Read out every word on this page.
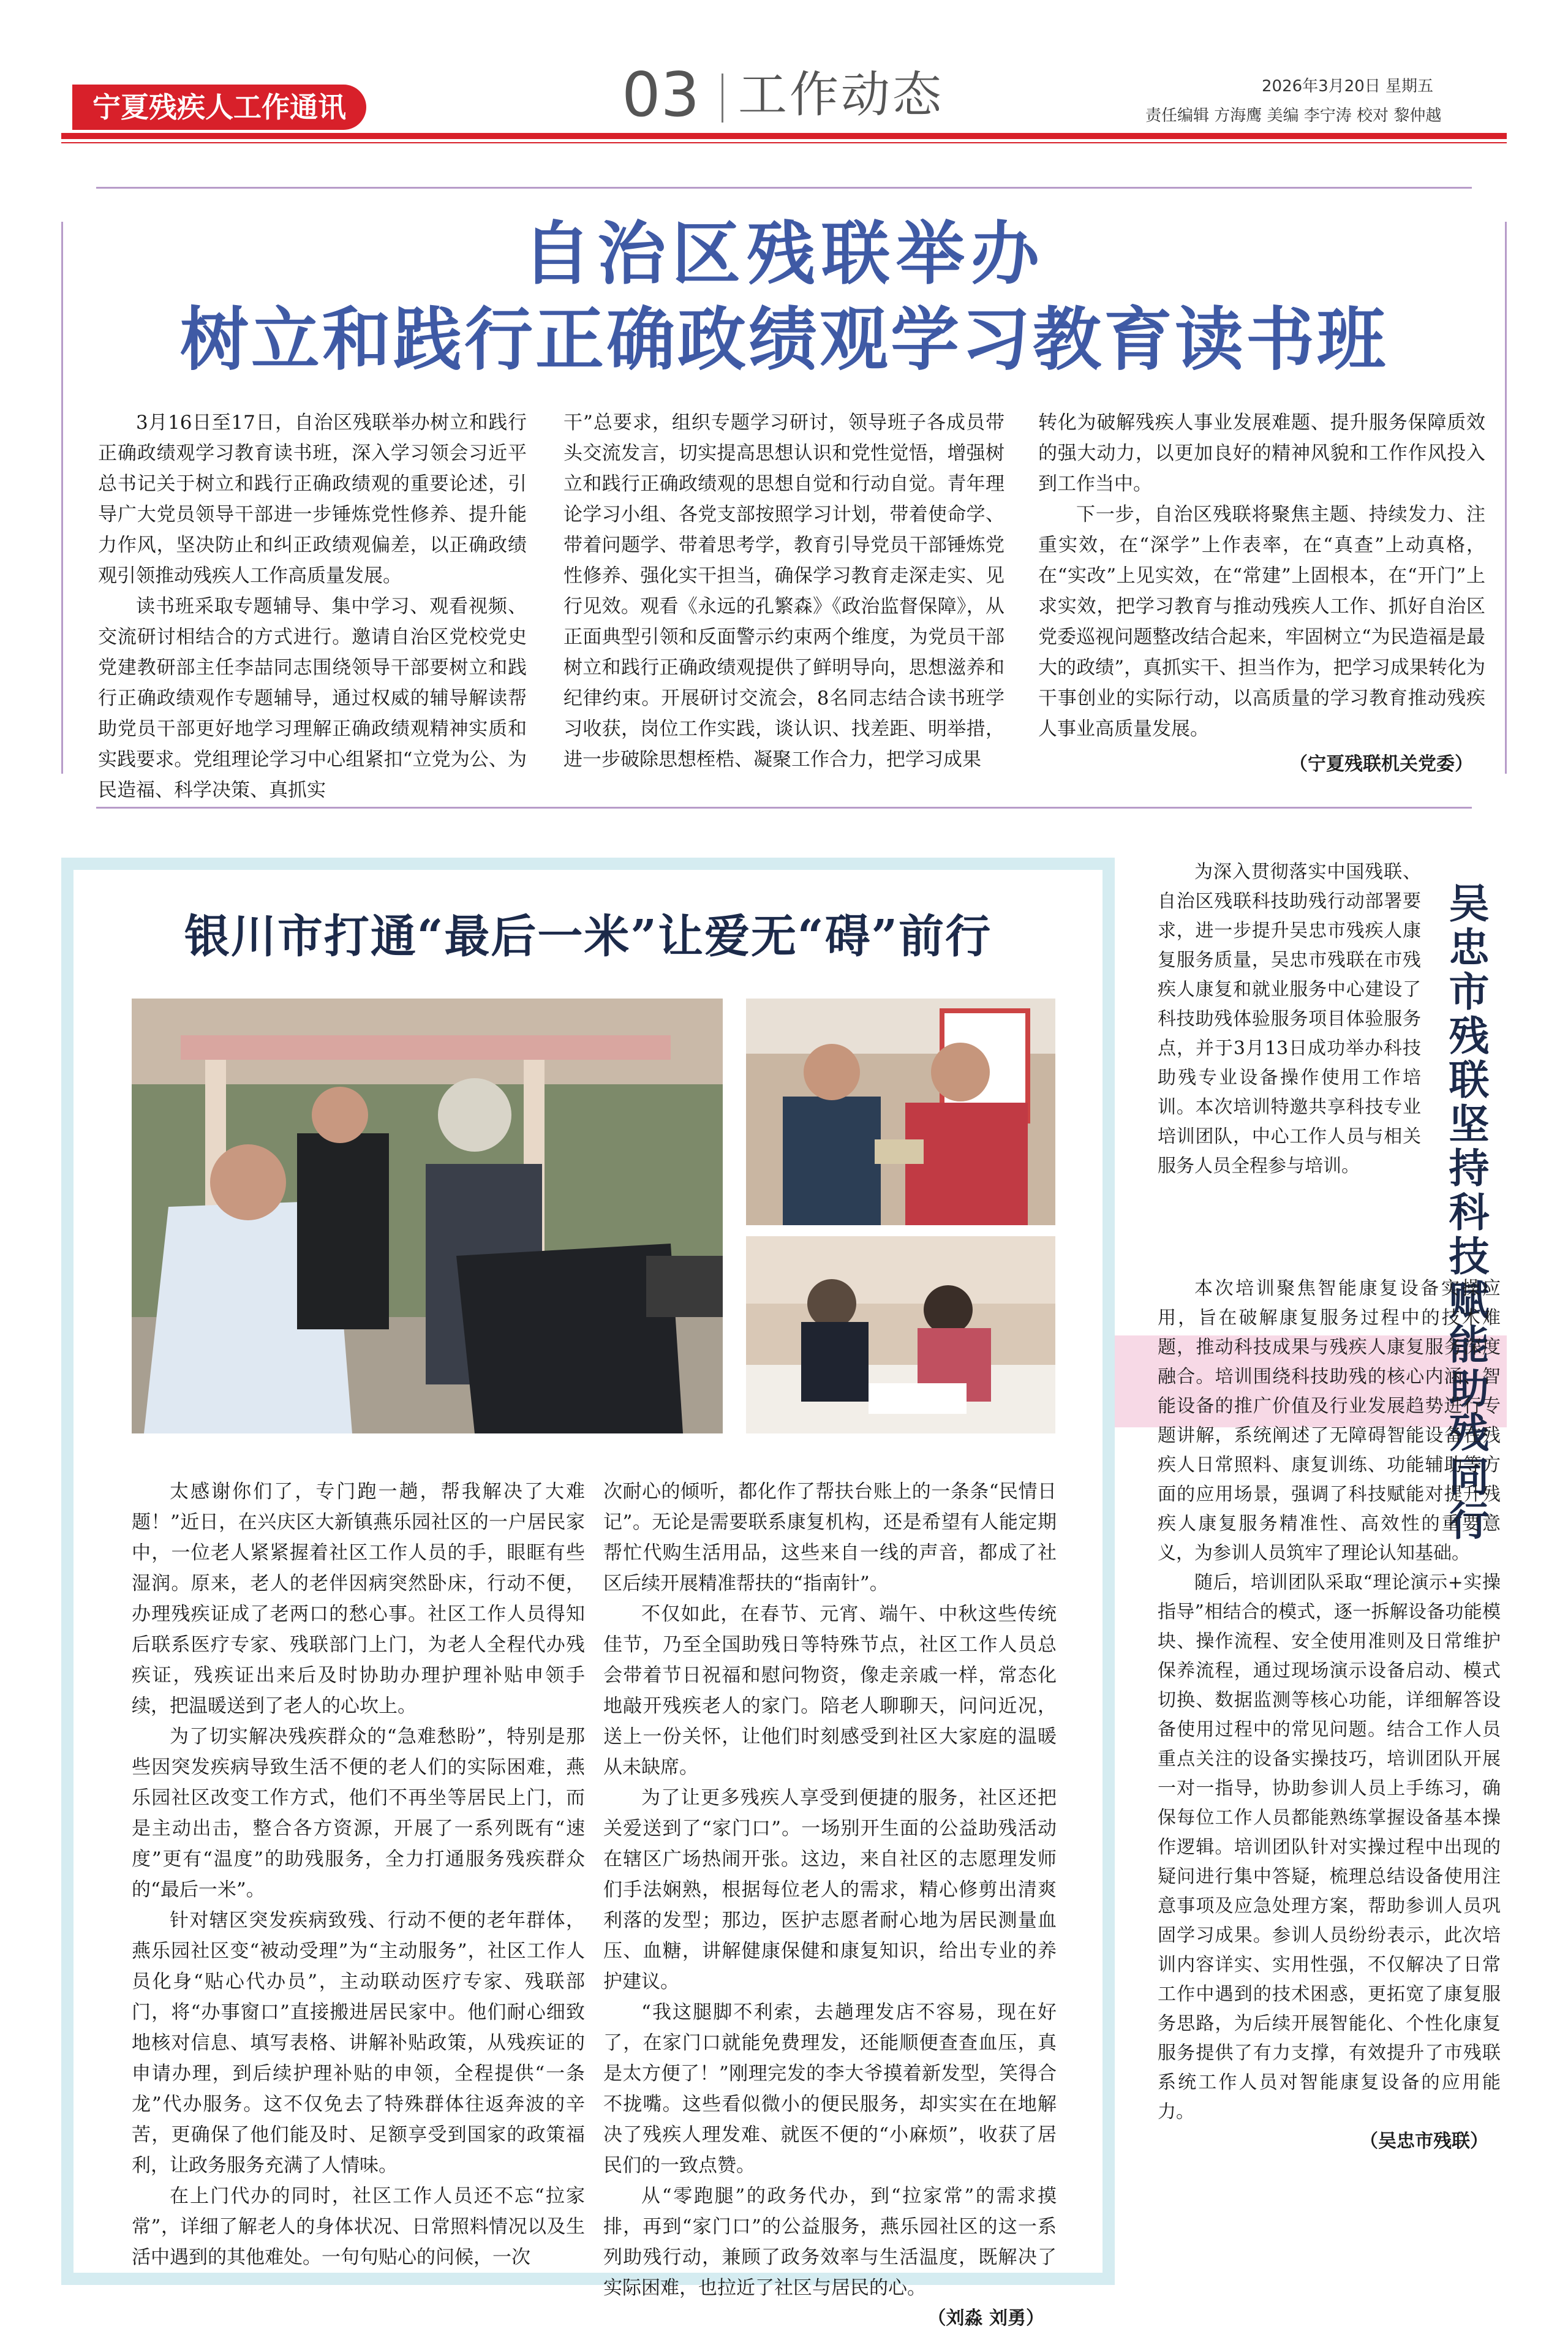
宁夏残疾人工作通讯	03 工作动态	2026年3月20日 星期五
责任编辑 方海鹰 美编 李宁涛 校对 黎仲越
自治区残联举办
树立和践行正确政绩观学习教育读书班

3月16日至17日，自治区残联举办树立和践行正确政绩观学习教育读书班，深入学习领会习近平总书记关于树立和践行正确政绩观的重要论述，引导广大党员领导干部进一步锤炼党性修养、提升能力作风，坚决防止和纠正政绩观偏差，以正确政绩观引领推动残疾人工作高质量发展。

读书班采取专题辅导、集中学习、观看视频、交流研讨相结合的方式进行。邀请自治区党校党史党建教研部主任李喆同志围绕领导干部要树立和践行正确政绩观作专题辅导，通过权威的辅导解读帮助党员干部更好地学习理解正确政绩观精神实质和实践要求。党组理论学习中心组紧扣“立党为公、为民造福、科学决策、真抓实

干”总要求，组织专题学习研讨，领导班子各成员带头交流发言，切实提高思想认识和党性觉悟，增强树立和践行正确政绩观的思想自觉和行动自觉。青年理论学习小组、各党支部按照学习计划，带着使命学、带着问题学、带着思考学，教育引导党员干部锤炼党性修养、强化实干担当，确保学习教育走深走实、见行见效。观看《永远的孔繁森》《政治监督保障》，从正面典型引领和反面警示约束两个维度，为党员干部树立和践行正确政绩观提供了鲜明导向，思想滋养和纪律约束。开展研讨交流会，8名同志结合读书班学习收获，岗位工作实践，谈认识、找差距、明举措，进一步破除思想桎梏、凝聚工作合力，把学习成果

转化为破解残疾人事业发展难题、提升服务保障质效的强大动力，以更加良好的精神风貌和工作作风投入到工作当中。

下一步，自治区残联将聚焦主题、持续发力、注重实效，在“深学”上作表率，在“真查”上动真格，在“实改”上见实效，在“常建”上固根本，在“开门”上求实效，把学习教育与推动残疾人工作、抓好自治区党委巡视问题整改结合起来，牢固树立“为民造福是最大的政绩”，真抓实干、担当作为，把学习成果转化为干事创业的实际行动，以高质量的学习教育推动残疾人事业高质量发展。

（宁夏残联机关党委）

银川市打通“最后一米”让爱无“碍”前行

太感谢你们了，专门跑一趟，帮我解决了大难题！”近日，在兴庆区大新镇燕乐园社区的一户居民家中，一位老人紧紧握着社区工作人员的手，眼眶有些湿润。原来，老人的老伴因病突然卧床，行动不便，办理残疾证成了老两口的愁心事。社区工作人员得知后联系医疗专家、残联部门上门，为老人全程代办残疾证，残疾证出来后及时协助办理护理补贴申领手续，把温暖送到了老人的心坎上。

为了切实解决残疾群众的“急难愁盼”，特别是那些因突发疾病导致生活不便的老人们的实际困难，燕乐园社区改变工作方式，他们不再坐等居民上门，而是主动出击，整合各方资源，开展了一系列既有“速度”更有“温度”的助残服务，全力打通服务残疾群众的“最后一米”。

针对辖区突发疾病致残、行动不便的老年群体，燕乐园社区变“被动受理”为“主动服务”，社区工作人员化身“贴心代办员”，主动联动医疗专家、残联部门，将“办事窗口”直接搬进居民家中。他们耐心细致地核对信息、填写表格、讲解补贴政策，从残疾证的申请办理，到后续护理补贴的申领，全程提供“一条龙”代办服务。这不仅免去了特殊群体往返奔波的辛苦，更确保了他们能及时、足额享受到国家的政策福利，让政务服务充满了人情味。

在上门代办的同时，社区工作人员还不忘“拉家常”，详细了解老人的身体状况、日常照料情况以及生活中遇到的其他难处。一句句贴心的问候，一次

次耐心的倾听，都化作了帮扶台账上的一条条“民情日记”。无论是需要联系康复机构，还是希望有人能定期帮忙代购生活用品，这些来自一线的声音，都成了社区后续开展精准帮扶的“指南针”。

不仅如此，在春节、元宵、端午、中秋这些传统佳节，乃至全国助残日等特殊节点，社区工作人员总会带着节日祝福和慰问物资，像走亲戚一样，常态化地敲开残疾老人的家门。陪老人聊聊天，问问近况，送上一份关怀，让他们时刻感受到社区大家庭的温暖从未缺席。

为了让更多残疾人享受到便捷的服务，社区还把关爱送到了“家门口”。一场别开生面的公益助残活动在辖区广场热闹开张。这边，来自社区的志愿理发师们手法娴熟，根据每位老人的需求，精心修剪出清爽利落的发型；那边，医护志愿者耐心地为居民测量血压、血糖，讲解健康保健和康复知识，给出专业的养护建议。

“我这腿脚不利索，去趟理发店不容易，现在好了，在家门口就能免费理发，还能顺便查查血压，真是太方便了！”刚理完发的李大爷摸着新发型，笑得合不拢嘴。这些看似微小的便民服务，却实实在在地解决了残疾人理发难、就医不便的“小麻烦”，收获了居民们的一致点赞。

从“零跑腿”的政务代办，到“拉家常”的需求摸排，再到“家门口”的公益服务，燕乐园社区的这一系列助残行动，兼顾了政务效率与生活温度，既解决了实际困难，也拉近了社区与居民的心。

（刘淼 刘勇）

吴忠市残联坚持科技赋能助残同行

为深入贯彻落实中国残联、自治区残联科技助残行动部署要求，进一步提升吴忠市残疾人康复服务质量，吴忠市残联在市残疾人康复和就业服务中心建设了科技助残体验服务项目体验服务点，并于3月13日成功举办科技助残专业设备操作使用工作培训。本次培训特邀共享科技专业培训团队，中心工作人员与相关服务人员全程参与培训。

本次培训聚焦智能康复设备实操应用，旨在破解康复服务过程中的技术难题，推动科技成果与残疾人康复服务深度融合。培训围绕科技助残的核心内涵、智能设备的推广价值及行业发展趋势进行专题讲解，系统阐述了无障碍智能设备在残疾人日常照料、康复训练、功能辅助等方面的应用场景，强调了科技赋能对提升残疾人康复服务精准性、高效性的重要意义，为参训人员筑牢了理论认知基础。

随后，培训团队采取“理论演示+实操指导”相结合的模式，逐一拆解设备功能模块、操作流程、安全使用准则及日常维护保养流程，通过现场演示设备启动、模式切换、数据监测等核心功能，详细解答设备使用过程中的常见问题。结合工作人员重点关注的设备实操技巧，培训团队开展一对一指导，协助参训人员上手练习，确保每位工作人员都能熟练掌握设备基本操作逻辑。培训团队针对实操过程中出现的疑问进行集中答疑，梳理总结设备使用注意事项及应急处理方案，帮助参训人员巩固学习成果。参训人员纷纷表示，此次培训内容详实、实用性强，不仅解决了日常工作中遇到的技术困惑，更拓宽了康复服务思路，为后续开展智能化、个性化康复服务提供了有力支撑，有效提升了市残联系统工作人员对智能康复设备的应用能力。

（吴忠市残联）
